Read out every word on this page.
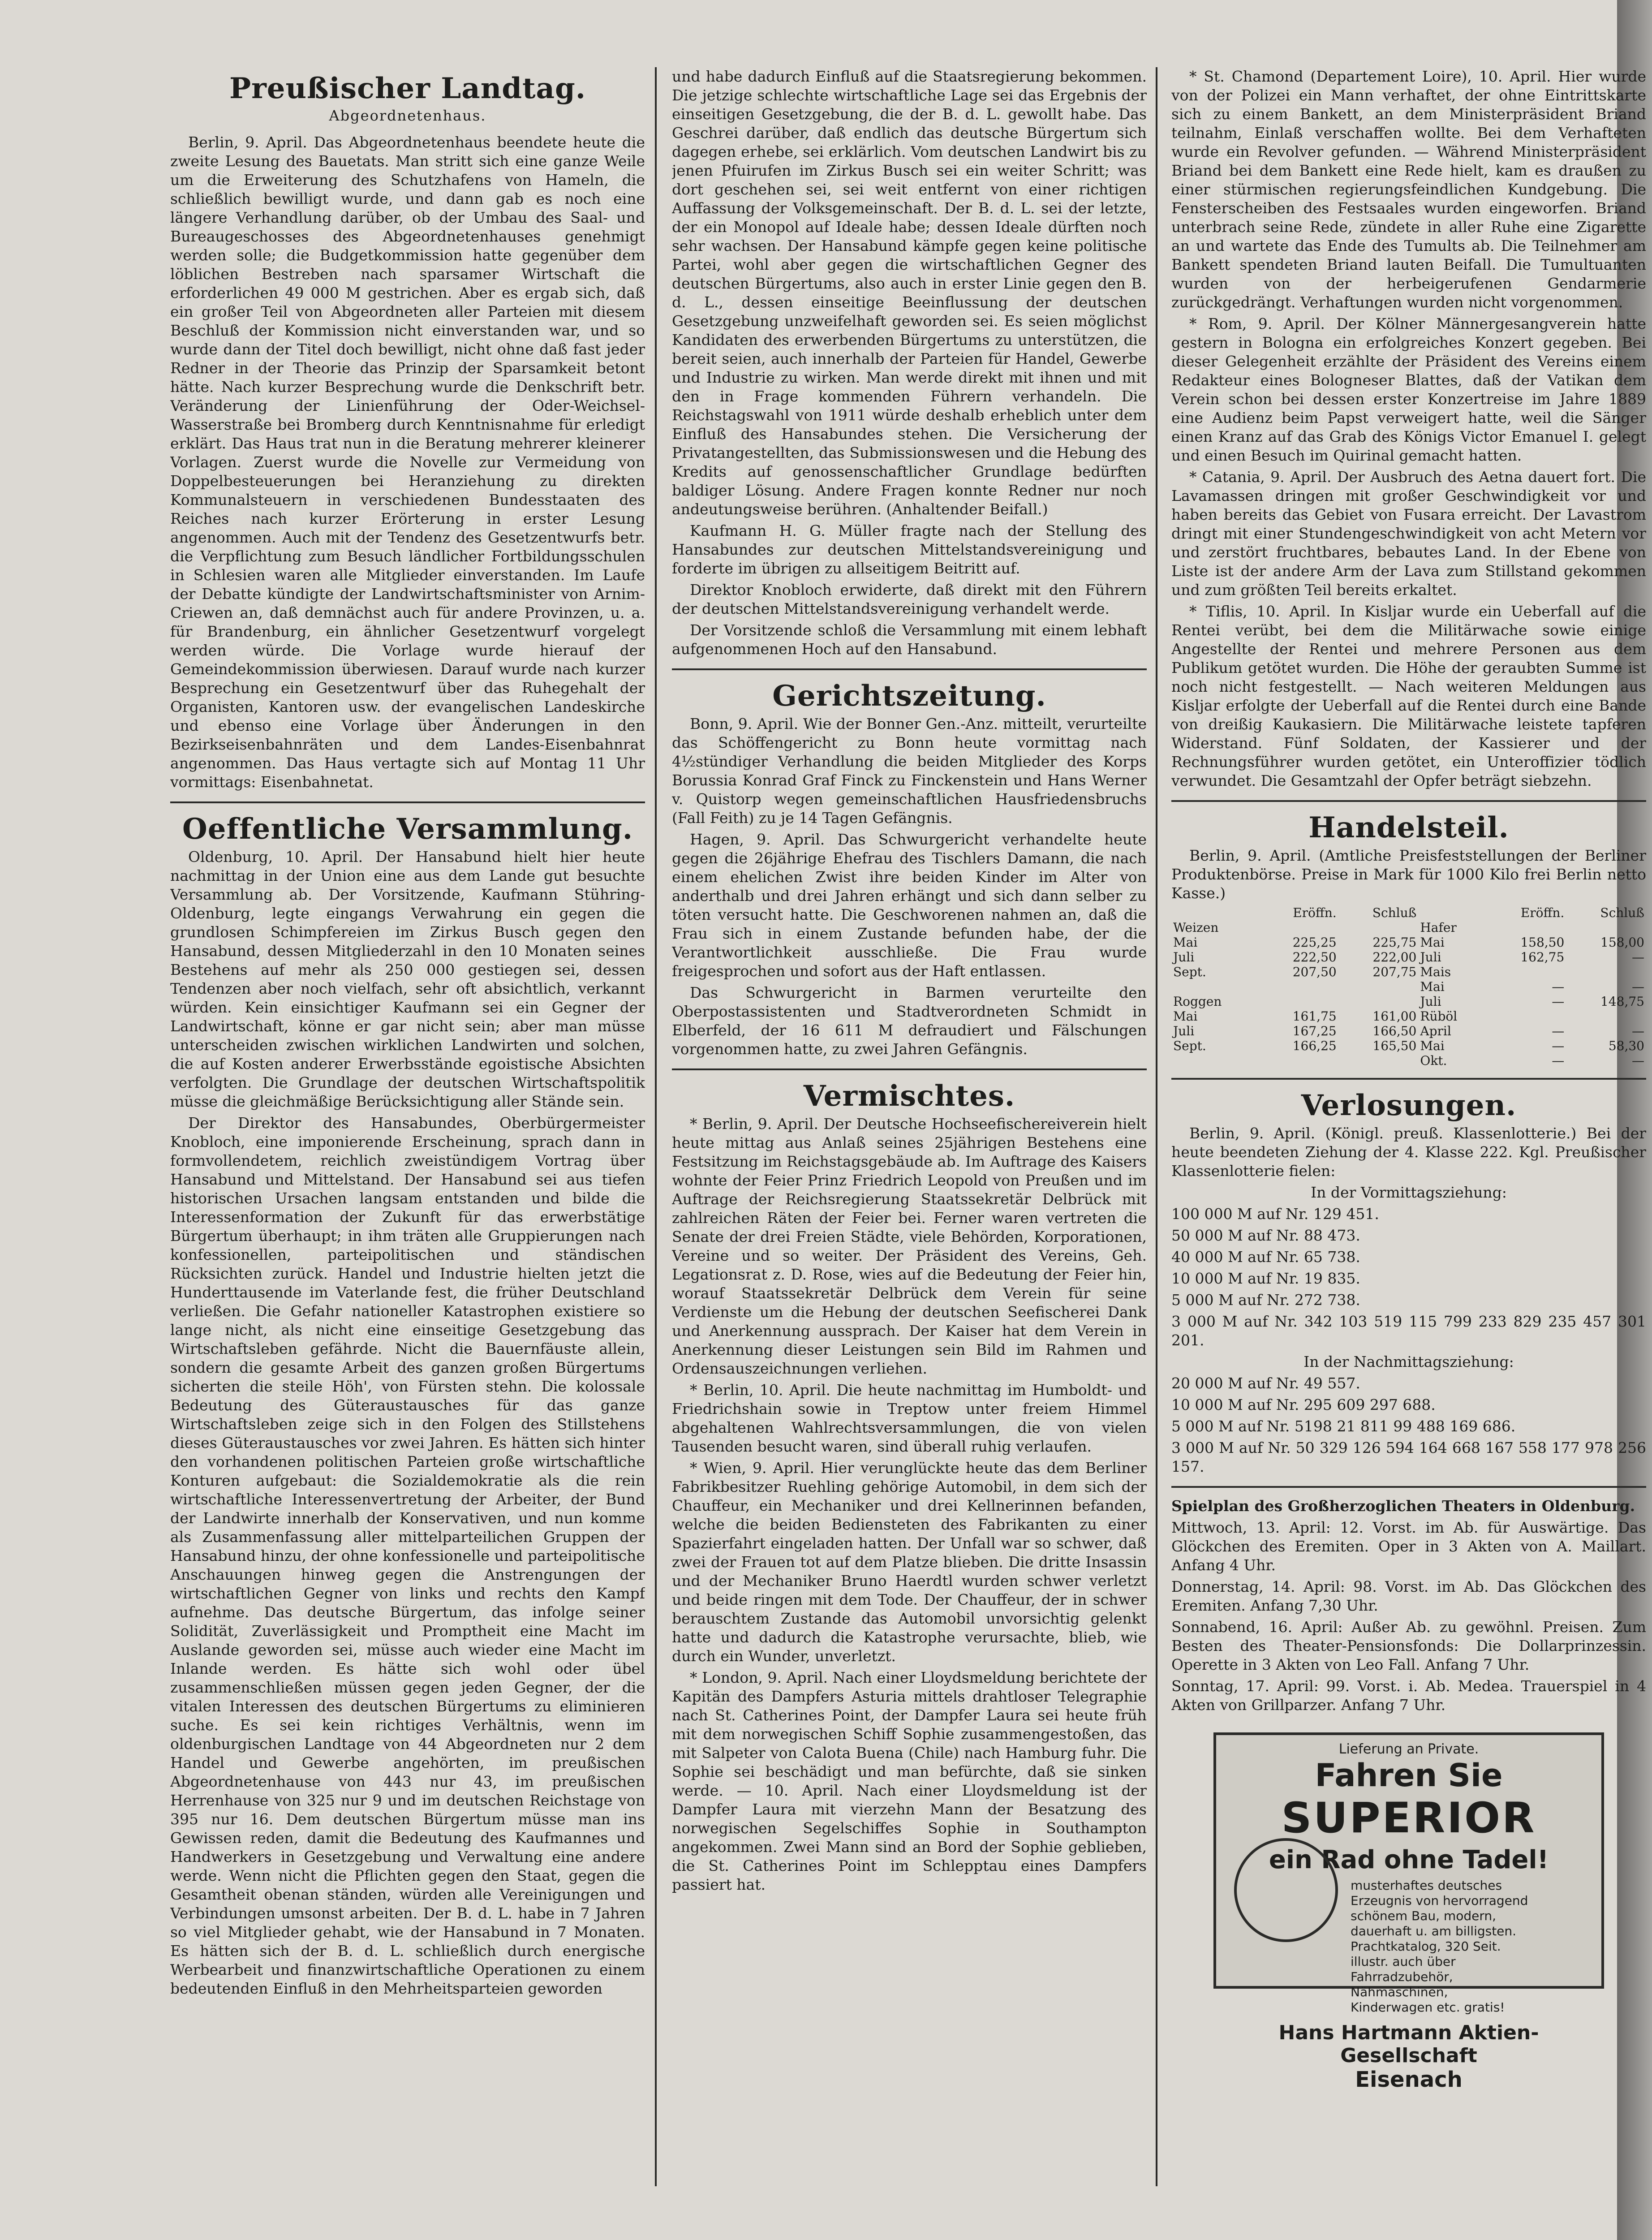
Preußischer Landtag.
Abgeordnetenhaus.

Berlin, 9. April. Das Abgeordnetenhaus beendete heute die zweite Lesung des Bauetats. Man stritt sich eine ganze Weile um die Erweiterung des Schutzhafens von Hameln, die schließlich bewilligt wurde, und dann gab es noch eine längere Verhandlung darüber, ob der Umbau des Saal- und Bureaugeschosses des Abgeordnetenhauses genehmigt werden solle; die Budgetkommission hatte gegenüber dem löblichen Bestreben nach sparsamer Wirtschaft die erforderlichen 49 000 M gestrichen. Aber es ergab sich, daß ein großer Teil von Abgeordneten aller Parteien mit diesem Beschluß der Kommission nicht einverstanden war, und so wurde dann der Titel doch bewilligt, nicht ohne daß fast jeder Redner in der Theorie das Prinzip der Sparsamkeit betont hätte. Nach kurzer Besprechung wurde die Denkschrift betr. Veränderung der Linienführung der Oder-Weichsel-Wasserstraße bei Bromberg durch Kenntnisnahme für erledigt erklärt. Das Haus trat nun in die Beratung mehrerer kleinerer Vorlagen. Zuerst wurde die Novelle zur Vermeidung von Doppelbesteuerungen bei Heranziehung zu direkten Kommunalsteuern in verschiedenen Bundesstaaten des Reiches nach kurzer Erörterung in erster Lesung angenommen. Auch mit der Tendenz des Gesetzentwurfs betr. die Verpflichtung zum Besuch ländlicher Fortbildungsschulen in Schlesien waren alle Mitglieder einverstanden. Im Laufe der Debatte kündigte der Landwirtschaftsminister von Arnim-Criewen an, daß demnächst auch für andere Provinzen, u. a. für Brandenburg, ein ähnlicher Gesetzentwurf vorgelegt werden würde. Die Vorlage wurde hierauf der Gemeindekommission überwiesen. Darauf wurde nach kurzer Besprechung ein Gesetzentwurf über das Ruhegehalt der Organisten, Kantoren usw. der evangelischen Landeskirche und ebenso eine Vorlage über Änderungen in den Bezirkseisenbahnräten und dem Landes-Eisenbahnrat angenommen. Das Haus vertagte sich auf Montag 11 Uhr vormittags: Eisenbahnetat.

Oeffentliche Versammlung.

Oldenburg, 10. April. Der Hansabund hielt hier heute nachmittag in der Union eine aus dem Lande gut besuchte Versammlung ab. Der Vorsitzende, Kaufmann Stühring-Oldenburg, legte eingangs Verwahrung ein gegen die grundlosen Schimpfereien im Zirkus Busch gegen den Hansabund, dessen Mitgliederzahl in den 10 Monaten seines Bestehens auf mehr als 250 000 gestiegen sei, dessen Tendenzen aber noch vielfach, sehr oft absichtlich, verkannt würden. Kein einsichtiger Kaufmann sei ein Gegner der Landwirtschaft, könne er gar nicht sein; aber man müsse unterscheiden zwischen wirklichen Landwirten und solchen, die auf Kosten anderer Erwerbsstände egoistische Absichten verfolgten. Die Grundlage der deutschen Wirtschaftspolitik müsse die gleichmäßige Berücksichtigung aller Stände sein.

Der Direktor des Hansabundes, Oberbürgermeister Knobloch, eine imponierende Erscheinung, sprach dann in formvollendetem, reichlich zweistündigem Vortrag über Hansabund und Mittelstand. Der Hansabund sei aus tiefen historischen Ursachen langsam entstanden und bilde die Interessenformation der Zukunft für das erwerbstätige Bürgertum überhaupt; in ihm träten alle Gruppierungen nach konfessionellen, parteipolitischen und ständischen Rücksichten zurück. Handel und Industrie hielten jetzt die Hunderttausende im Vaterlande fest, die früher Deutschland verließen. Die Gefahr nationeller Katastrophen existiere so lange nicht, als nicht eine einseitige Gesetzgebung das Wirtschaftsleben gefährde. Nicht die Bauernfäuste allein, sondern die gesamte Arbeit des ganzen großen Bürgertums sicherten die steile Höh', von Fürsten stehn. Die kolossale Bedeutung des Güteraustausches für das ganze Wirtschaftsleben zeige sich in den Folgen des Stillstehens dieses Güteraustausches vor zwei Jahren. Es hätten sich hinter den vorhandenen politischen Parteien große wirtschaftliche Konturen aufgebaut: die Sozialdemokratie als die rein wirtschaftliche Interessenvertretung der Arbeiter, der Bund der Landwirte innerhalb der Konservativen, und nun komme als Zusammenfassung aller mittelparteilichen Gruppen der Hansabund hinzu, der ohne konfessionelle und parteipolitische Anschauungen hinweg gegen die Anstrengungen der wirtschaftlichen Gegner von links und rechts den Kampf aufnehme. Das deutsche Bürgertum, das infolge seiner Solidität, Zuverlässigkeit und Promptheit eine Macht im Auslande geworden sei, müsse auch wieder eine Macht im Inlande werden. Es hätte sich wohl oder übel zusammenschließen müssen gegen jeden Gegner, der die vitalen Interessen des deutschen Bürgertums zu eliminieren suche. Es sei kein richtiges Verhältnis, wenn im oldenburgischen Landtage von 44 Abgeordneten nur 2 dem Handel und Gewerbe angehörten, im preußischen Abgeordnetenhause von 443 nur 43, im preußischen Herrenhause von 325 nur 9 und im deutschen Reichstage von 395 nur 16. Dem deutschen Bürgertum müsse man ins Gewissen reden, damit die Bedeutung des Kaufmannes und Handwerkers in Gesetzgebung und Verwaltung eine andere werde. Wenn nicht die Pflichten gegen den Staat, gegen die Gesamtheit obenan ständen, würden alle Vereinigungen und Verbindungen umsonst arbeiten. Der B. d. L. habe in 7 Jahren so viel Mitglieder gehabt, wie der Hansabund in 7 Monaten. Es hätten sich der B. d. L. schließlich durch energische Werbearbeit und finanzwirtschaftliche Operationen zu einem bedeutenden Einfluß in den Mehrheitsparteien geworden

und habe dadurch Einfluß auf die Staatsregierung bekommen. Die jetzige schlechte wirtschaftliche Lage sei das Ergebnis der einseitigen Gesetzgebung, die der B. d. L. gewollt habe. Das Geschrei darüber, daß endlich das deutsche Bürgertum sich dagegen erhebe, sei erklärlich. Vom deutschen Landwirt bis zu jenen Pfuirufen im Zirkus Busch sei ein weiter Schritt; was dort geschehen sei, sei weit entfernt von einer richtigen Auffassung der Volksgemeinschaft. Der B. d. L. sei der letzte, der ein Monopol auf Ideale habe; dessen Ideale dürften noch sehr wachsen. Der Hansabund kämpfe gegen keine politische Partei, wohl aber gegen die wirtschaftlichen Gegner des deutschen Bürgertums, also auch in erster Linie gegen den B. d. L., dessen einseitige Beeinflussung der deutschen Gesetzgebung unzweifelhaft geworden sei. Es seien möglichst Kandidaten des erwerbenden Bürgertums zu unterstützen, die bereit seien, auch innerhalb der Parteien für Handel, Gewerbe und Industrie zu wirken. Man werde direkt mit ihnen und mit den in Frage kommenden Führern verhandeln. Die Reichstagswahl von 1911 würde deshalb erheblich unter dem Einfluß des Hansabundes stehen. Die Versicherung der Privatangestellten, das Submissionswesen und die Hebung des Kredits auf genossenschaftlicher Grundlage bedürften baldiger Lösung. Andere Fragen konnte Redner nur noch andeutungsweise berühren. (Anhaltender Beifall.)

Kaufmann H. G. Müller fragte nach der Stellung des Hansabundes zur deutschen Mittelstandsvereinigung und forderte im übrigen zu allseitigem Beitritt auf.

Direktor Knobloch erwiderte, daß direkt mit den Führern der deutschen Mittelstandsvereinigung verhandelt werde.

Der Vorsitzende schloß die Versammlung mit einem lebhaft aufgenommenen Hoch auf den Hansabund.

Gerichtszeitung.

Bonn, 9. April. Wie der Bonner Gen.-Anz. mitteilt, verurteilte das Schöffengericht zu Bonn heute vormittag nach 4½stündiger Verhandlung die beiden Mitglieder des Korps Borussia Konrad Graf Finck zu Finckenstein und Hans Werner v. Quistorp wegen gemeinschaftlichen Hausfriedensbruchs (Fall Feith) zu je 14 Tagen Gefängnis.

Hagen, 9. April. Das Schwurgericht verhandelte heute gegen die 26jährige Ehefrau des Tischlers Damann, die nach einem ehelichen Zwist ihre beiden Kinder im Alter von anderthalb und drei Jahren erhängt und sich dann selber zu töten versucht hatte. Die Geschworenen nahmen an, daß die Frau sich in einem Zustande befunden habe, der die Verantwortlichkeit ausschließe. Die Frau wurde freigesprochen und sofort aus der Haft entlassen.

Das Schwurgericht in Barmen verurteilte den Oberpostassistenten und Stadtverordneten Schmidt in Elberfeld, der 16 611 M defraudiert und Fälschungen vorgenommen hatte, zu zwei Jahren Gefängnis.

Vermischtes.

* Berlin, 9. April. Der Deutsche Hochseefischereiverein hielt heute mittag aus Anlaß seines 25jährigen Bestehens eine Festsitzung im Reichstagsgebäude ab. Im Auftrage des Kaisers wohnte der Feier Prinz Friedrich Leopold von Preußen und im Auftrage der Reichsregierung Staatssekretär Delbrück mit zahlreichen Räten der Feier bei. Ferner waren vertreten die Senate der drei Freien Städte, viele Behörden, Korporationen, Vereine und so weiter. Der Präsident des Vereins, Geh. Legationsrat z. D. Rose, wies auf die Bedeutung der Feier hin, worauf Staatssekretär Delbrück dem Verein für seine Verdienste um die Hebung der deutschen Seefischerei Dank und Anerkennung aussprach. Der Kaiser hat dem Verein in Anerkennung dieser Leistungen sein Bild im Rahmen und Ordensauszeichnungen verliehen.

* Berlin, 10. April. Die heute nachmittag im Humboldt- und Friedrichshain sowie in Treptow unter freiem Himmel abgehaltenen Wahlrechtsversammlungen, die von vielen Tausenden besucht waren, sind überall ruhig verlaufen.

* Wien, 9. April. Hier verunglückte heute das dem Berliner Fabrikbesitzer Ruehling gehörige Automobil, in dem sich der Chauffeur, ein Mechaniker und drei Kellnerinnen befanden, welche die beiden Bediensteten des Fabrikanten zu einer Spazierfahrt eingeladen hatten. Der Unfall war so schwer, daß zwei der Frauen tot auf dem Platze blieben. Die dritte Insassin und der Mechaniker Bruno Haerdtl wurden schwer verletzt und beide ringen mit dem Tode. Der Chauffeur, der in schwer berauschtem Zustande das Automobil unvorsichtig gelenkt hatte und dadurch die Katastrophe verursachte, blieb, wie durch ein Wunder, unverletzt.

* London, 9. April. Nach einer Lloydsmeldung berichtete der Kapitän des Dampfers Asturia mittels drahtloser Telegraphie nach St. Catherines Point, der Dampfer Laura sei heute früh mit dem norwegischen Schiff Sophie zusammengestoßen, das mit Salpeter von Calota Buena (Chile) nach Hamburg fuhr. Die Sophie sei beschädigt und man befürchte, daß sie sinken werde. — 10. April. Nach einer Lloydsmeldung ist der Dampfer Laura mit vierzehn Mann der Besatzung des norwegischen Segelschiffes Sophie in Southampton angekommen. Zwei Mann sind an Bord der Sophie geblieben, die St. Catherines Point im Schlepptau eines Dampfers passiert hat.

* St. Chamond (Departement Loire), 10. April. Hier wurde von der Polizei ein Mann verhaftet, der ohne Eintrittskarte sich zu einem Bankett, an dem Ministerpräsident Briand teilnahm, Einlaß verschaffen wollte. Bei dem Verhafteten wurde ein Revolver gefunden. — Während Ministerpräsident Briand bei dem Bankett eine Rede hielt, kam es draußen zu einer stürmischen regierungsfeindlichen Kundgebung. Die Fensterscheiben des Festsaales wurden eingeworfen. Briand unterbrach seine Rede, zündete in aller Ruhe eine Zigarette an und wartete das Ende des Tumults ab. Die Teilnehmer am Bankett spendeten Briand lauten Beifall. Die Tumultuanten wurden von der herbeigerufenen Gendarmerie zurückgedrängt. Verhaftungen wurden nicht vorgenommen.

* Rom, 9. April. Der Kölner Männergesangverein hatte gestern in Bologna ein erfolgreiches Konzert gegeben. Bei dieser Gelegenheit erzählte der Präsident des Vereins einem Redakteur eines Bologneser Blattes, daß der Vatikan dem Verein schon bei dessen erster Konzertreise im Jahre 1889 eine Audienz beim Papst verweigert hatte, weil die Sänger einen Kranz auf das Grab des Königs Victor Emanuel I. gelegt und einen Besuch im Quirinal gemacht hatten.

* Catania, 9. April. Der Ausbruch des Aetna dauert fort. Die Lavamassen dringen mit großer Geschwindigkeit vor und haben bereits das Gebiet von Fusara erreicht. Der Lavastrom dringt mit einer Stundengeschwindigkeit von acht Metern vor und zerstört fruchtbares, bebautes Land. In der Ebene von Liste ist der andere Arm der Lava zum Stillstand gekommen und zum größten Teil bereits erkaltet.

* Tiflis, 10. April. In Kisljar wurde ein Ueberfall auf die Rentei verübt, bei dem die Militärwache sowie einige Angestellte der Rentei und mehrere Personen aus dem Publikum getötet wurden. Die Höhe der geraubten Summe ist noch nicht festgestellt. — Nach weiteren Meldungen aus Kisljar erfolgte der Ueberfall auf die Rentei durch eine Bande von dreißig Kaukasiern. Die Militärwache leistete tapferen Widerstand. Fünf Soldaten, der Kassierer und der Rechnungsführer wurden getötet, ein Unteroffizier tödlich verwundet. Die Gesamtzahl der Opfer beträgt siebzehn.

Handelsteil.

Berlin, 9. April. (Amtliche Preisfeststellungen der Berliner Produktenbörse. Preise in Mark für 1000 Kilo frei Berlin netto Kasse.)

	Eröffn.	Schluß		Eröffn.	Schluß
Weizen			Hafer		
Mai	225,25	225,75	Mai	158,50	158,00
Juli	222,50	222,00	Juli	162,75	—
Sept.	207,50	207,75	Mais		
			Mai	—	—
Roggen			Juli	—	148,75
Mai	161,75	161,00	Rüböl		
Juli	167,25	166,50	April	—	—
Sept.	166,25	165,50	Mai	—	58,30
			Okt.	—	—
Verlosungen.

Berlin, 9. April. (Königl. preuß. Klassenlotterie.) Bei der heute beendeten Ziehung der 4. Klasse 222. Kgl. Preußischer Klassenlotterie fielen:

In der Vormittagsziehung:

100 000 M auf Nr. 129 451.

50 000 M auf Nr. 88 473.

40 000 M auf Nr. 65 738.

10 000 M auf Nr. 19 835.

5 000 M auf Nr. 272 738.

3 000 M auf Nr. 342 103 519 115 799 233 829 235 457 301 201.

In der Nachmittagsziehung:

20 000 M auf Nr. 49 557.

10 000 M auf Nr. 295 609 297 688.

5 000 M auf Nr. 5198 21 811 99 488 169 686.

3 000 M auf Nr. 50 329 126 594 164 668 167 558 177 978 256 157.

Spielplan des Großherzoglichen Theaters in Oldenburg.

Mittwoch, 13. April: 12. Vorst. im Ab. für Auswärtige. Das Glöckchen des Eremiten. Oper in 3 Akten von A. Maillart. Anfang 4 Uhr.

Donnerstag, 14. April: 98. Vorst. im Ab. Das Glöckchen des Eremiten. Anfang 7,30 Uhr.

Sonnabend, 16. April: Außer Ab. zu gewöhnl. Preisen. Zum Besten des Theater-Pensionsfonds: Die Dollarprinzessin. Operette in 3 Akten von Leo Fall. Anfang 7 Uhr.

Sonntag, 17. April: 99. Vorst. i. Ab. Medea. Trauerspiel in 4 Akten von Grillparzer. Anfang 7 Uhr.

Lieferung an Private.
Fahren Sie
SUPERIOR
ein Rad ohne Tadel!
musterhaftes deutsches Erzeugnis von hervorragend schönem Bau, modern, dauerhaft u. am billigsten. Prachtkatalog, 320 Seit. illustr. auch über Fahrradzubehör, Nähmaschinen, Kinderwagen etc. gratis!
Hans Hartmann Aktien-Gesellschaft
Eisenach
